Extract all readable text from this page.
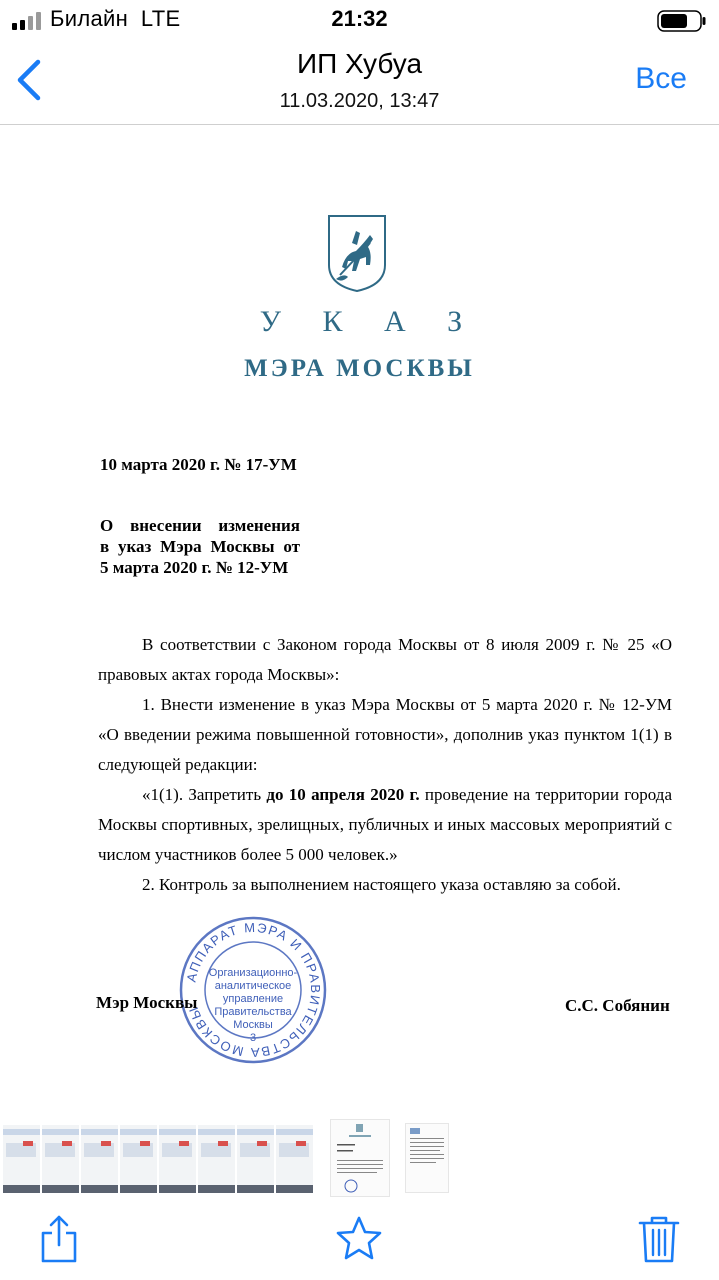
Билайн LTE	21:32
ИП Хубуа
11.03.2020, 13:47
Все
У К А З
МЭРА МОСКВЫ
10 марта 2020 г. № 17-УМ
О внесении изменения
в указ Мэра Москвы от
5 марта 2020 г. № 12-УМ

В соответствии с Законом города Москвы от 8 июля 2009 г. № 25 «О правовых актах города Москвы»:

1. Внести изменение в указ Мэра Москвы от 5 марта 2020 г. № 12-УМ «О введении режима повышенной готовности», дополнив указ пунктом 1(1) в следующей редакции:

«1(1). Запретить до 10 апреля 2020 г. проведение на территории города Москвы спортивных, зрелищных, публичных и иных массовых мероприятий с числом участников более 5 000 человек.»

2. Контроль за выполнением настоящего указа оставляю за собой.

АППАРАТ МЭРА И ПРАВИТЕЛЬСТВА МОСКВЫ
Организационно-аналитическое управление Правительства Москвы
3
Мэр Москвы	С.С. Собянин
